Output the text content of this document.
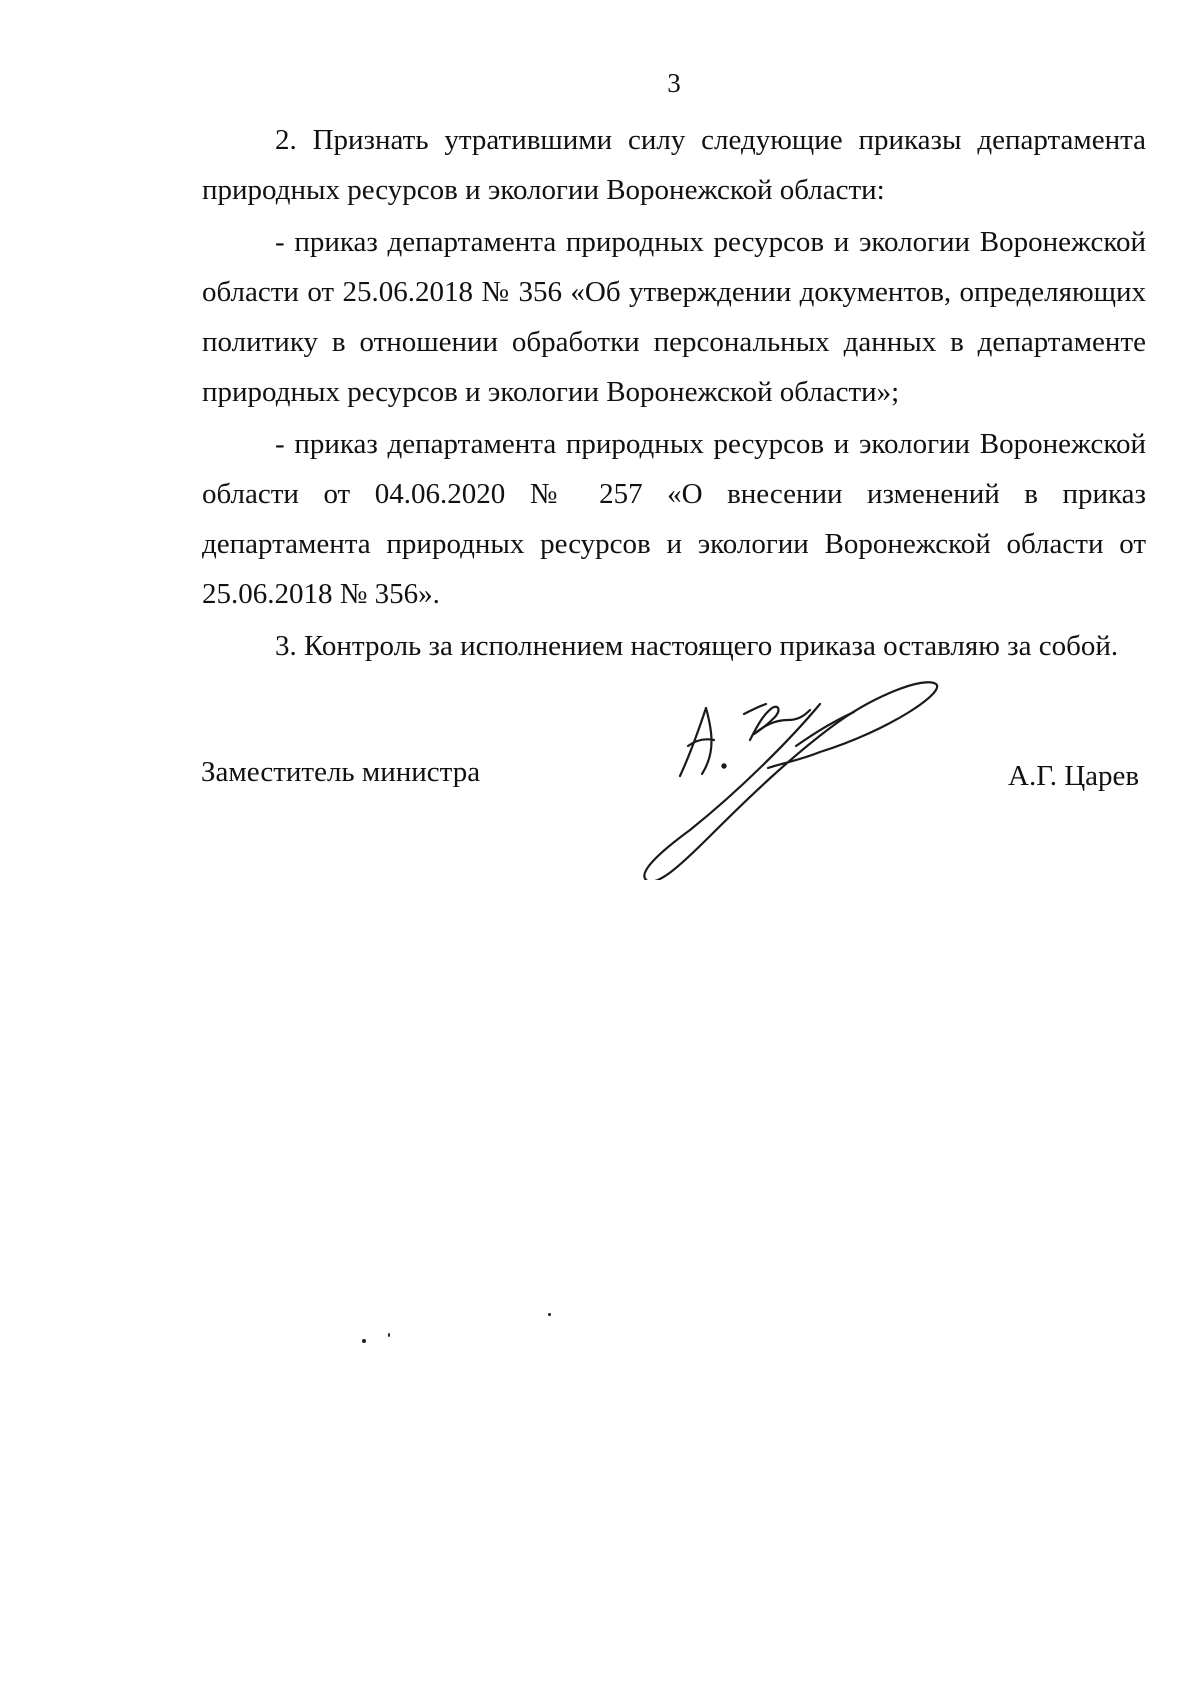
3

2. Признать утратившими силу следующие приказы департамента природных ресурсов и экологии Воронежской области:

- приказ департамента природных ресурсов и экологии Воронежской области от 25.06.2018 № 356 «Об утверждении документов, определяющих политику в отношении обработки персональных данных в департаменте природных ресурсов и экологии Воронежской области»;

- приказ департамента природных ресурсов и экологии Воронежской области от 04.06.2020 № 257 «О внесении изменений в приказ департамента природных ресурсов и экологии Воронежской области от 25.06.2018 № 356».

3. Контроль за исполнением настоящего приказа оставляю за собой.

Заместитель министра	А.Г. Царев
